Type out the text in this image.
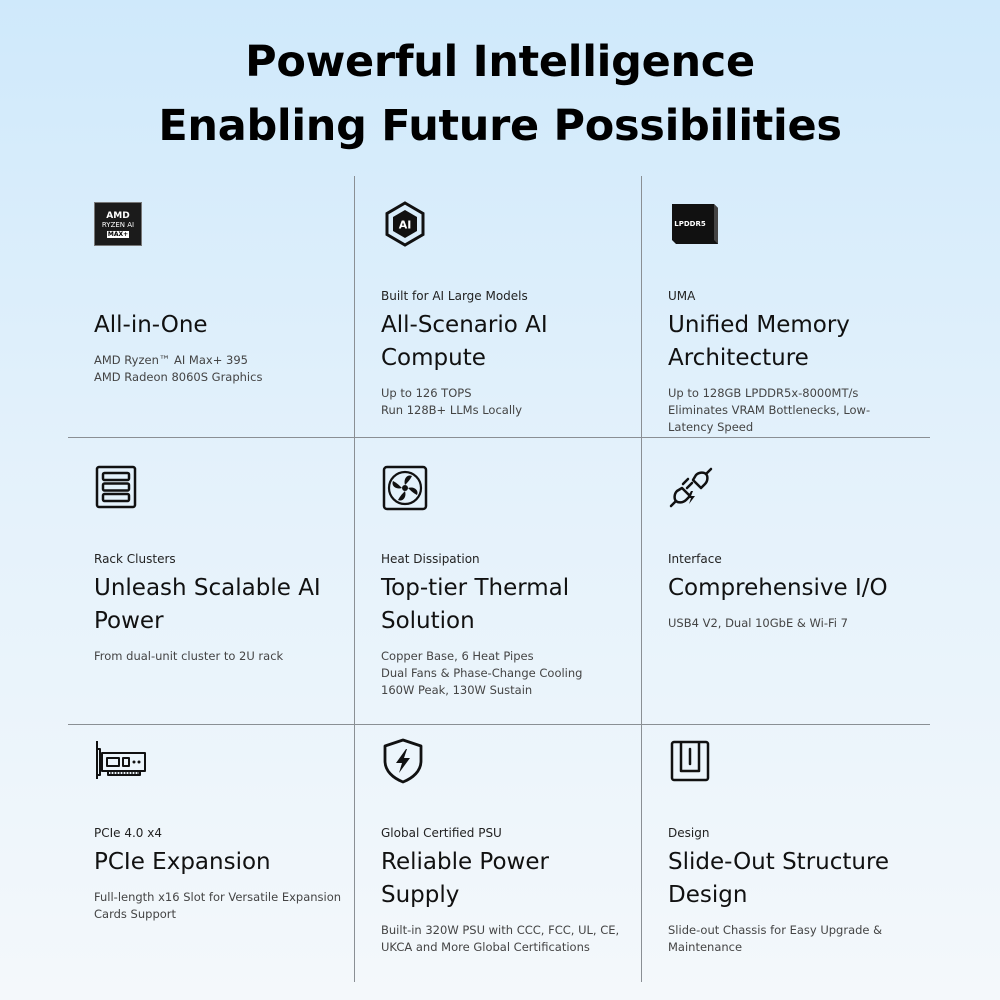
Powerful Intelligence
Enabling Future Possibilities
AMD
RYZEN AI
MAX+
All-in-One
AMD Ryzen™ AI Max+ 395
AMD Radeon 8060S Graphics
AI
Built for AI Large Models
All-Scenario AI
Compute
Up to 126 TOPS
Run 128B+ LLMs Locally
LPDDR5
UMA
Unified Memory
Architecture
Up to 128GB LPDDR5x-8000MT/s
Eliminates VRAM Bottlenecks, Low-
Latency Speed
Rack Clusters
Unleash Scalable AI
Power
From dual-unit cluster to 2U rack
Heat Dissipation
Top-tier Thermal
Solution
Copper Base, 6 Heat Pipes
Dual Fans & Phase-Change Cooling
160W Peak, 130W Sustain
Interface
Comprehensive I/O
USB4 V2, Dual 10GbE & Wi-Fi 7
PCIe 4.0 x4
PCIe Expansion
Full-length x16 Slot for Versatile Expansion
Cards Support
Global Certified PSU
Reliable Power
Supply
Built-in 320W PSU with CCC, FCC, UL, CE,
UKCA and More Global Certifications
Design
Slide-Out Structure
Design
Slide-out Chassis for Easy Upgrade &
Maintenance
